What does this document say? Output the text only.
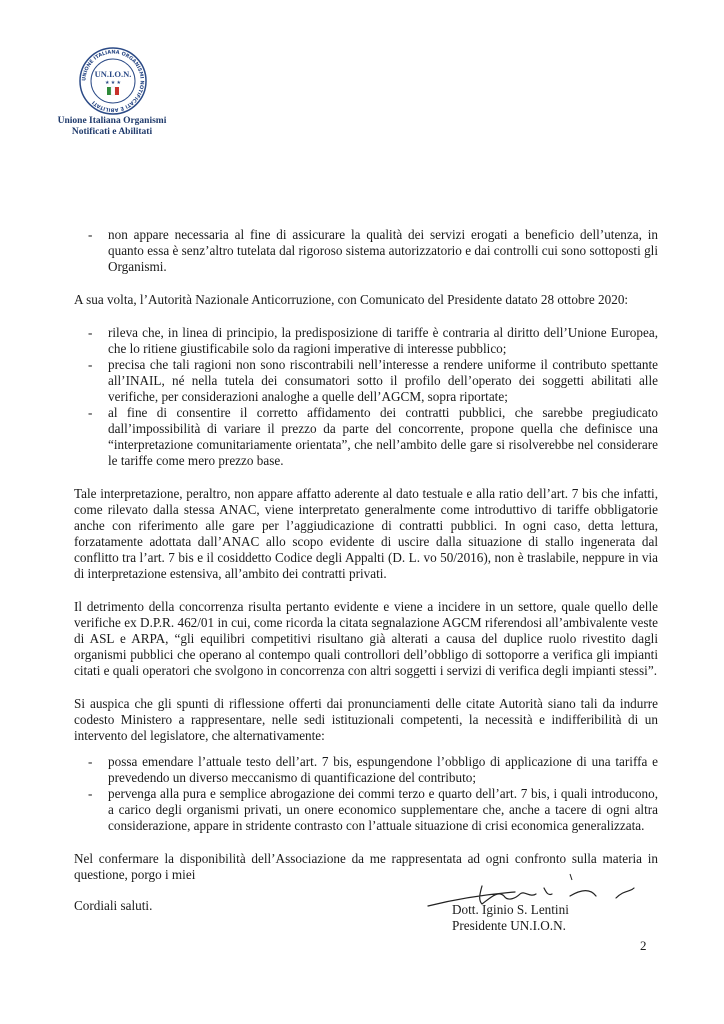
UNIONE ITALIANA ORGANISMI NOTIFICATI E ABILITATI
UN.I.O.N.
★ ★ ★
Unione Italiana Organismi
Notificati e Abilitati
- non appare necessaria al fine di assicurare la qualità dei servizi erogati a beneficio dell’utenza, in quanto essa è senz’altro tutelata dal rigoroso sistema autorizzatorio e dai controlli cui sono sottoposti gli Organismi.

A sua volta, l’Autorità Nazionale Anticorruzione, con Comunicato del Presidente datato 28 ottobre 2020:

- rileva che, in linea di principio, la predisposizione di tariffe è contraria al diritto dell’Unione Europea, che lo ritiene giustificabile solo da ragioni imperative di interesse pubblico;
- precisa che tali ragioni non sono riscontrabili nell’interesse a rendere uniforme il contributo spettante all’INAIL, né nella tutela dei consumatori sotto il profilo dell’operato dei soggetti abilitati alle verifiche, per considerazioni analoghe a quelle dell’AGCM, sopra riportate;
- al fine di consentire il corretto affidamento dei contratti pubblici, che sarebbe pregiudicato dall’impossibilità di variare il prezzo da parte del concorrente, propone quella che definisce una “interpretazione comunitariamente orientata”, che nell’ambito delle gare si risolverebbe nel considerare le tariffe come mero prezzo base.

Tale interpretazione, peraltro, non appare affatto aderente al dato testuale e alla ratio dell’art. 7 bis che infatti, come rilevato dalla stessa ANAC, viene interpretato generalmente come introduttivo di tariffe obbligatorie anche con riferimento alle gare per l’aggiudicazione di contratti pubblici. In ogni caso, detta lettura, forzatamente adottata dall’ANAC allo scopo evidente di uscire dalla situazione di stallo ingenerata dal conflitto tra l’art. 7 bis e il cosiddetto Codice degli Appalti (D. L. vo 50/2016), non è traslabile, neppure in via di interpretazione estensiva, all’ambito dei contratti privati.

Il detrimento della concorrenza risulta pertanto evidente e viene a incidere in un settore, quale quello delle verifiche ex D.P.R. 462/01 in cui, come ricorda la citata segnalazione AGCM riferendosi all’ambivalente veste di ASL e ARPA, “gli equilibri competitivi risultano già alterati a causa del duplice ruolo rivestito dagli organismi pubblici che operano al contempo quali controllori dell’obbligo di sottoporre a verifica gli impianti citati e quali operatori che svolgono in concorrenza con altri soggetti i servizi di verifica degli impianti stessi”.

Si auspica che gli spunti di riflessione offerti dai pronunciamenti delle citate Autorità siano tali da indurre codesto Ministero a rappresentare, nelle sedi istituzionali competenti, la necessità e indifferibilità di un intervento del legislatore, che alternativamente:

- possa emendare l’attuale testo dell’art. 7 bis, espungendone l’obbligo di applicazione di una tariffa e prevedendo un diverso meccanismo di quantificazione del contributo;
- pervenga alla pura e semplice abrogazione dei commi terzo e quarto dell’art. 7 bis, i quali introducono, a carico degli organismi privati, un onere economico supplementare che, anche a tacere di ogni altra considerazione, appare in stridente contrasto con l’attuale situazione di crisi economica generalizzata.

Nel confermare la disponibilità dell’Associazione da me rappresentata ad ogni confronto sulla materia in questione, porgo i miei

Cordiali saluti.	Dott. Iginio S. Lentini
Presidente UN.I.O.N.
2
